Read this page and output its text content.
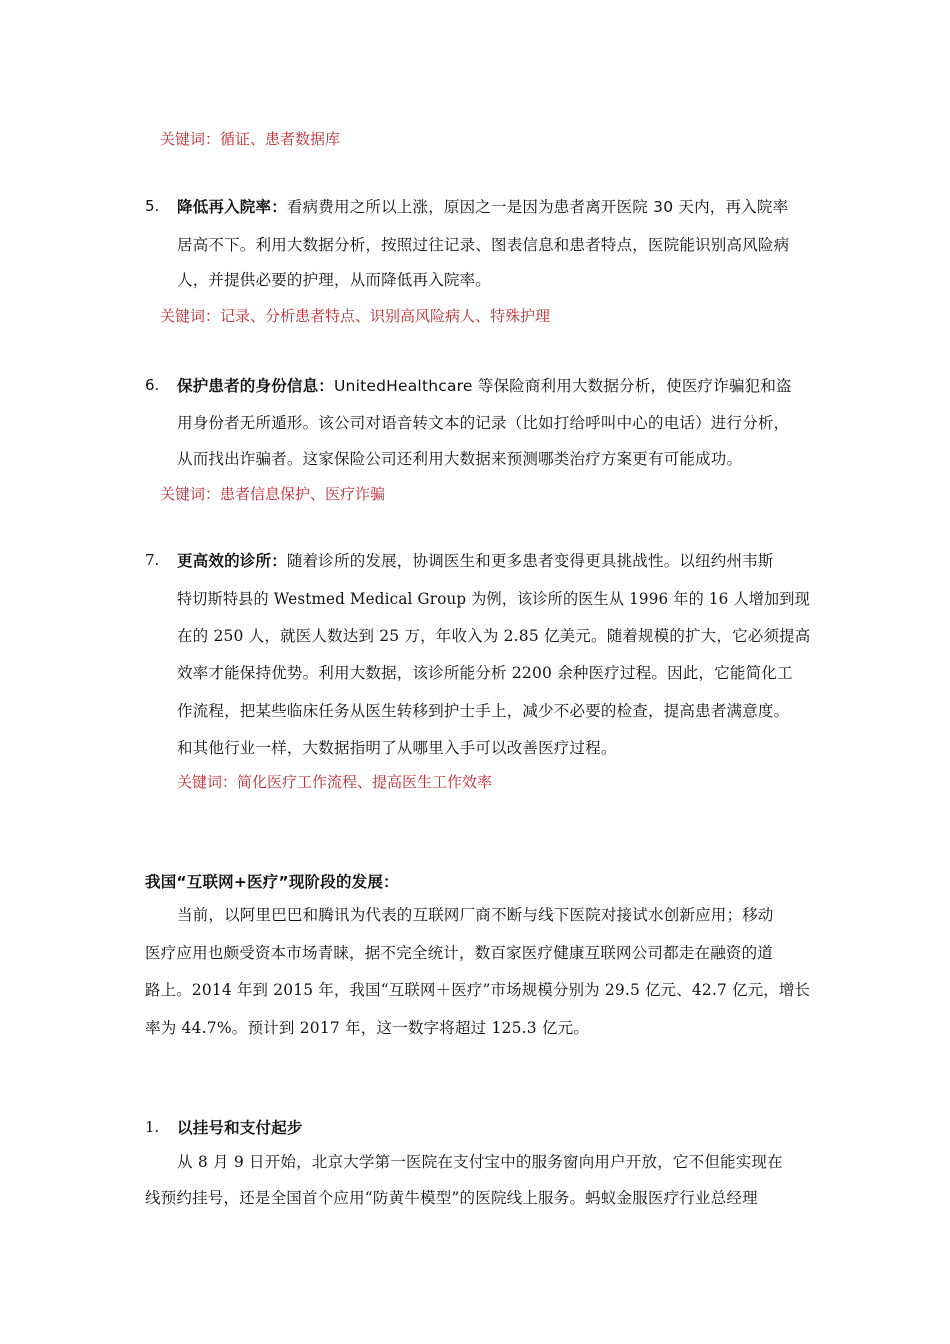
关键词：循证、患者数据库
5. 降低再入院率：看病费用之所以上涨，原因之一是因为患者离开医院 30 天内，再入院率
居高不下。利用大数据分析，按照过往记录、图表信息和患者特点，医院能识别高风险病
人，并提供必要的护理，从而降低再入院率。
关键词：记录、分析患者特点、识别高风险病人、特殊护理
6. 保护患者的身份信息：UnitedHealthcare 等保险商利用大数据分析，使医疗诈骗犯和盗
用身份者无所遁形。该公司对语音转文本的记录（比如打给呼叫中心的电话）进行分析，
从而找出诈骗者。这家保险公司还利用大数据来预测哪类治疗方案更有可能成功。
关键词：患者信息保护、医疗诈骗
7. 更高效的诊所：随着诊所的发展，协调医生和更多患者变得更具挑战性。以纽约州韦斯
特切斯特县的 Westmed Medical Group 为例，该诊所的医生从 1996 年的 16 人增加到现
在的 250 人，就医人数达到 25 万，年收入为 2.85 亿美元。随着规模的扩大，它必须提高
效率才能保持优势。利用大数据，该诊所能分析 2200 余种医疗过程。因此，它能简化工
作流程，把某些临床任务从医生转移到护士手上，减少不必要的检查，提高患者满意度。
和其他行业一样，大数据指明了从哪里入手可以改善医疗过程。
关键词：简化医疗工作流程、提高医生工作效率
我国“互联网+医疗”现阶段的发展：
当前，以阿里巴巴和腾讯为代表的互联网厂商不断与线下医院对接试水创新应用；移动
医疗应用也颇受资本市场青睐，据不完全统计，数百家医疗健康互联网公司都走在融资的道
路上。2014 年到 2015 年，我国“互联网＋医疗”市场规模分别为 29.5 亿元、42.7 亿元，增长
率为 44.7%。预计到 2017 年，这一数字将超过 125.3 亿元。
1. 以挂号和支付起步
从 8 月 9 日开始，北京大学第一医院在支付宝中的服务窗向用户开放，它不但能实现在
线预约挂号，还是全国首个应用“防黄牛模型”的医院线上服务。蚂蚁金服医疗行业总经理
